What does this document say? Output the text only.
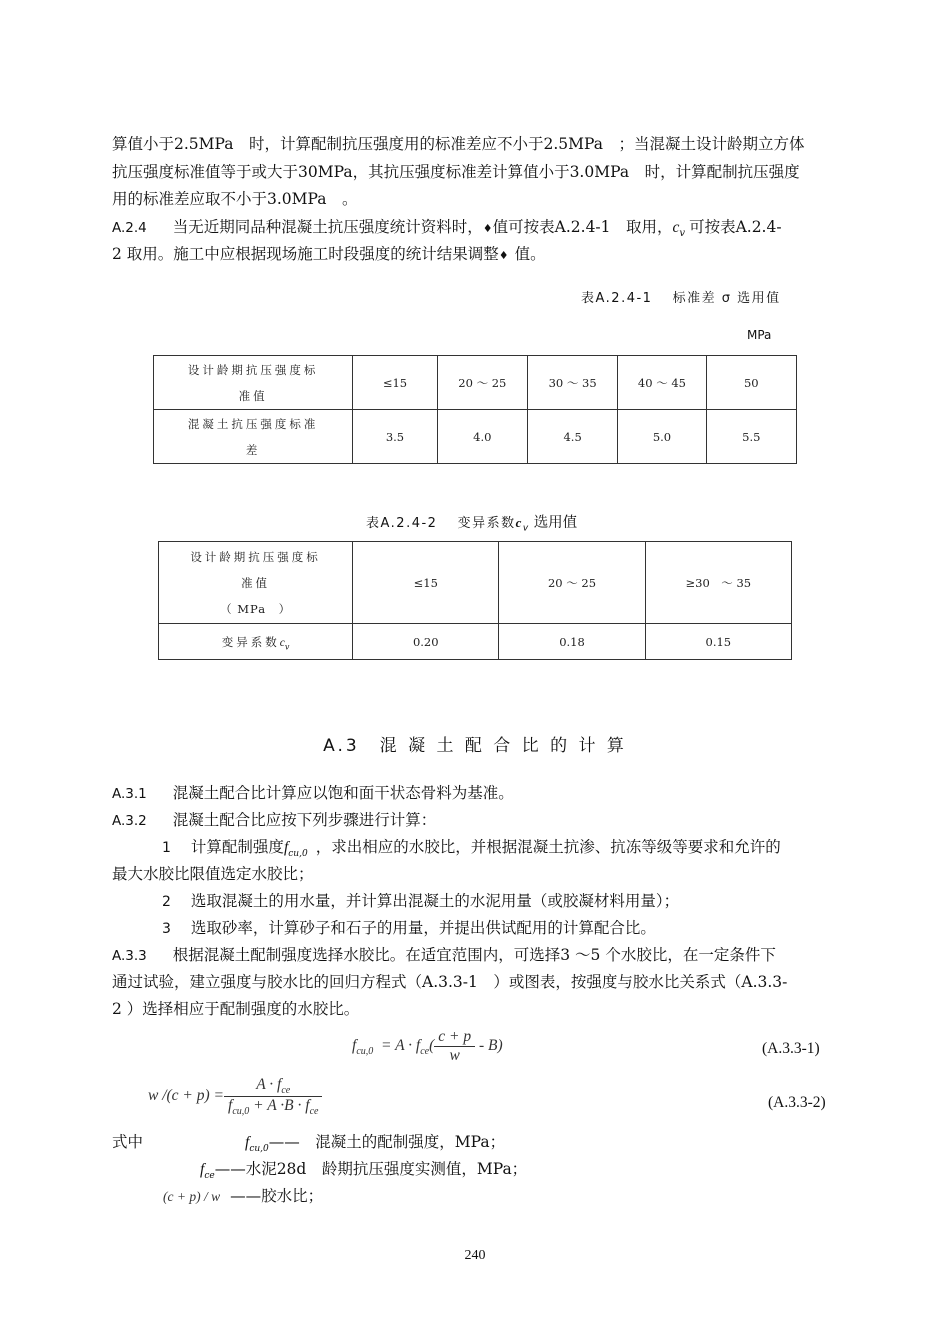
算值小于2.5MPa　时，计算配制抗压强度用的标准差应不小于2.5MPa　；当混凝土设计龄期立方体
抗压强度标准值等于或大于30MPa，其抗压强度标准差计算值小于3.0MPa　时，计算配制抗压强度
用的标准差应取不小于3.0MPa　。
A.2.4 当无近期同品种混凝土抗压强度统计资料时，♦值可按表A.2.4-1　取用，$c_v$ 可按表A.2.4-
2 取用。施工中应根据现场施工时段强度的统计结果调整♦ 值。
表A.2.4-1　 标准差 σ 选用值
MPa
设计龄期抗压强度标
准值	≤15	20 ～ 25	30 ～ 35	40 ～ 45	50

混凝土抗压强度标准
差	3.5	4.0	4.5	5.0	5.5
表A.2.4-2　 变异系数$c_v$ 选用值
设计龄期抗压强度标
准值
（ MPa　）	≤15	20 ～ 25	≥30　～ 35
变异系数$c_v$	0.20	0.18	0.15
A.3　混 凝 土 配 合 比 的 计 算
A.3.1 混凝土配合比计算应以饱和面干状态骨料为基准。
A.3.2 混凝土配合比应按下列步骤进行计算：
1 计算配制强度$f_{cu,0}$ ，求出相应的水胶比，并根据混凝土抗渗、抗冻等级等要求和允许的
最大水胶比限值选定水胶比；
2 选取混凝土的用水量，并计算出混凝土的水泥用量（或胶凝材料用量）；
3 选取砂率，计算砂子和石子的用量，并提出供试配用的计算配合比。
A.3.3 根据混凝土配制强度选择水胶比。在适宜范围内，可选择3 ～5 个水胶比，在一定条件下
通过试验，建立强度与胶水比的回归方程式（A.3.3-1　）或图表，按强度与胶水比关系式（A.3.3-
2 ）选择相应于配制强度的水胶比。
$f_{cu,0} = A \cdot f_{ce}( \frac{c + p}{w} - B)$	(A.3.3-1)
w $/(c + p) = \frac{A \cdot f_{ce}}{f_{cu,0} + A \cdot B \cdot f_{ce}}$	(A.3.3-2)
式中	$f_{cu,0}——$　混凝土的配制强度，MPa；
$f_{ce}——$水泥28d　龄期抗压强度实测值，MPa；
(c + p) / w ——胶水比；
240
